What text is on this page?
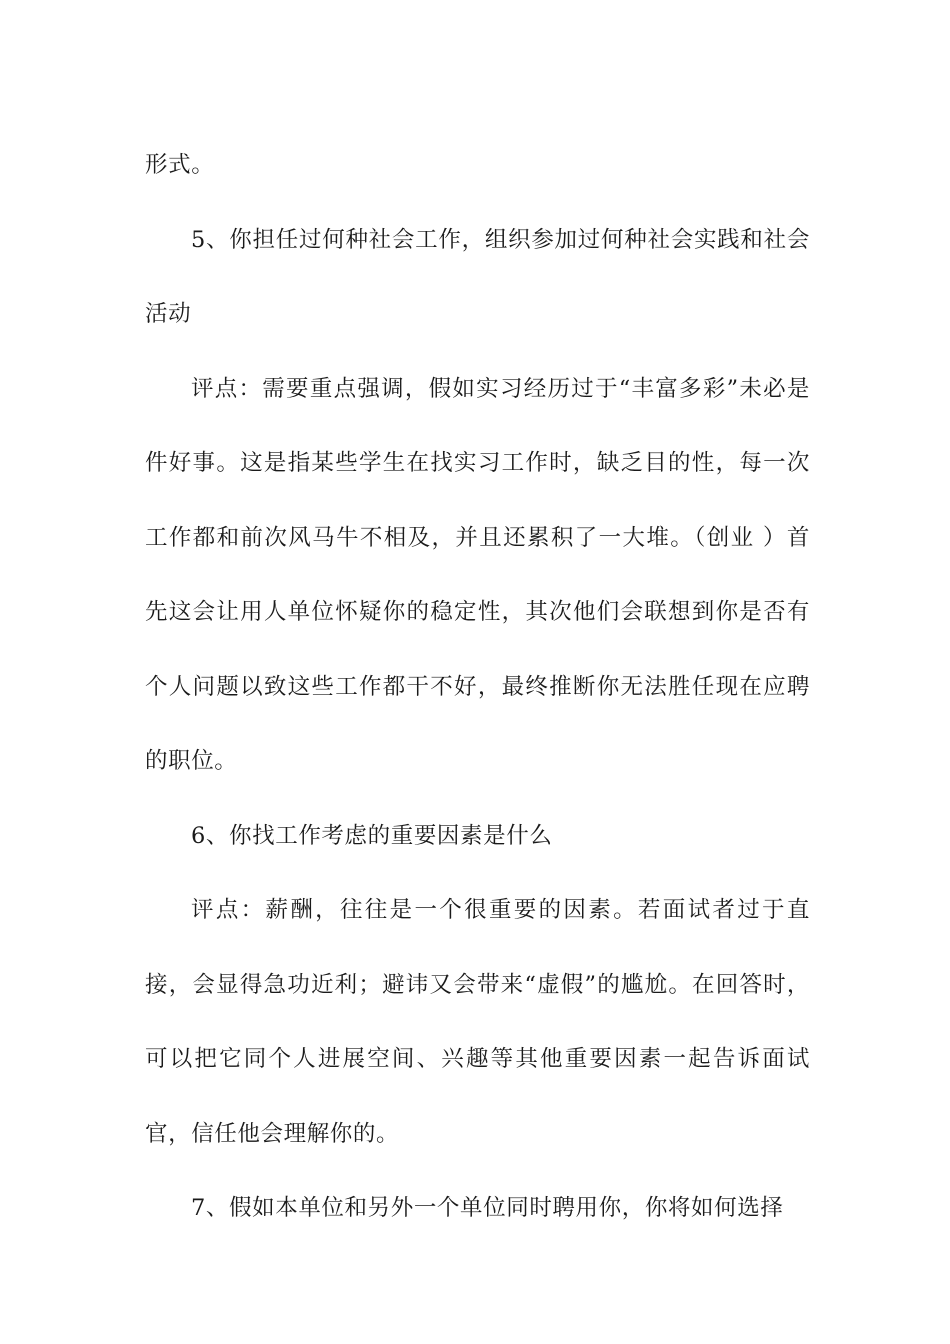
形式。

5、你担任过何种社会工作，组织参加过何种社会实践和社会活动

评点：需要重点强调，假如实习经历过于“丰富多彩”未必是件好事。这是指某些学生在找实习工作时，缺乏目的性，每一次工作都和前次风马牛不相及，并且还累积了一大堆。（创业 ）首先这会让用人单位怀疑你的稳定性，其次他们会联想到你是否有个人问题以致这些工作都干不好，最终推断你无法胜任现在应聘的职位。

6、你找工作考虑的重要因素是什么

评点：薪酬，往往是一个很重要的因素。若面试者过于直接，会显得急功近利；避讳又会带来“虚假”的尴尬。在回答时，可以把它同个人进展空间、兴趣等其他重要因素一起告诉面试官，信任他会理解你的。

7、假如本单位和另外一个单位同时聘用你，你将如何选择
